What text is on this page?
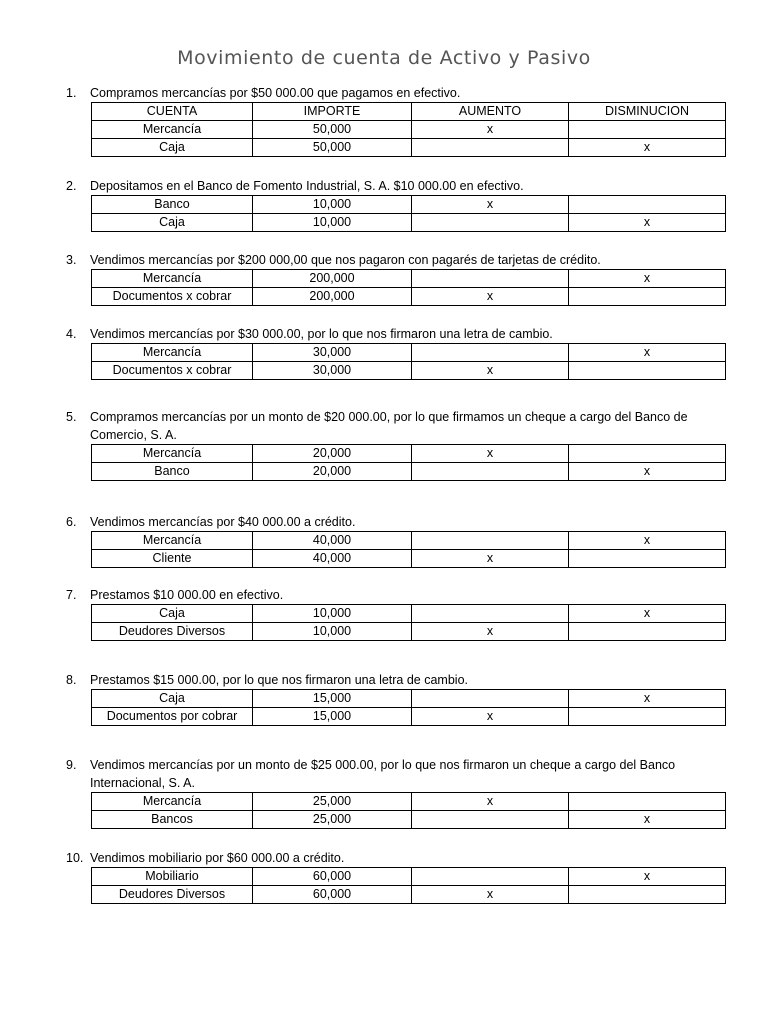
Movimiento de cuenta de Activo y Pasivo
1. Compramos mercancías por $50 000.00 que pagamos en efectivo.
CUENTA	IMPORTE	AUMENTO	DISMINUCION
Mercancía	50,000	x	
Caja	50,000		x
2. Depositamos en el Banco de Fomento Industrial, S. A. $10 000.00 en efectivo.
Banco	10,000	x	
Caja	10,000		x
3. Vendimos mercancías por $200 000,00 que nos pagaron con pagarés de tarjetas de crédito.
Mercancía	200,000		x
Documentos x cobrar	200,000	x	
4. Vendimos mercancías por $30 000.00, por lo que nos firmaron una letra de cambio.
Mercancía	30,000		x
Documentos x cobrar	30,000	x	
5. Compramos mercancías por un monto de $20 000.00, por lo que firmamos un cheque a cargo del Banco de Comercio, S. A.
Mercancía	20,000	x	
Banco	20,000		x
6. Vendimos mercancías por $40 000.00 a crédito.
Mercancía	40,000		x
Cliente	40,000	x	
7. Prestamos $10 000.00 en efectivo.
Caja	10,000		x
Deudores Diversos	10,000	x	
8. Prestamos $15 000.00, por lo que nos firmaron una letra de cambio.
Caja	15,000		x
Documentos por cobrar	15,000	x	
9. Vendimos mercancías por un monto de $25 000.00, por lo que nos firmaron un cheque a cargo del Banco Internacional, S. A.
Mercancía	25,000	x	
Bancos	25,000		x
10. Vendimos mobiliario por $60 000.00 a crédito.
Mobiliario	60,000		x
Deudores Diversos	60,000	x	
